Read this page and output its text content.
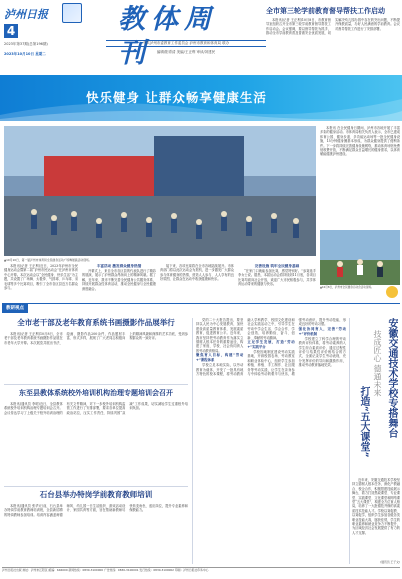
泸州日报
4
2023年第37期(总第196期)
2023年10月10日 星期二
教体周刊
中共泸州市委教育工作委员会 泸州市教育和体育局 联办
编辑/阳青清 美编/王正利 审读/刘建民
全市第三轮学前教育督导帮扶工作启动

本报讯(记者 王正利)10月8日，市教育督导室组织召开全市第三轮学前教育督导帮扶工作启动会。会议强调，要以督导帮扶为抓手，推动全市学前教育普及普惠安全优质发展，切实解决幼儿园办园中存在的突出问题，不断提升保教质量，办好人民满意的学前教育。会议对督导帮扶工作进行了安排部署。

快乐健身 让群众畅享健康生活
▲10月10日，第一届泸州市体育局全民健身活动广场舞展演活动现场。

本报讯(记者 王正利)近日，2023年泸州市全民健身运动会暨第二届“泸州市民运动会”在泸州市体育中心开幕。本次运动会以“全民健身、快乐生活”为主题，共设置了广场舞、太极拳、气排球、乒乓球、羽毛球等多个比赛项目，吸引了全市各区县近万名群众参与。

丰富活动 激发群众健身热情

开幕式上，来自全市各区县的代表队进行了精彩的展演，展示了泸州群众昂扬向上的精神风貌。据了解，近年来，我市不断完善全民健身公共服务体系，持续开展群众性体育活动，推动全民健身与全民健康深度融合。

接下来，各项比赛将在全市各地陆续展开。市体育部门将以此次运动会为契机，进一步激发广大群众参与体育健身的热情，营造人人参与、人人享有的良好氛围，让群众在运动中收获健康和快乐。

完善设施 筑牢全民健身基础

“在家门口就能参加比赛，感觉特别好。”参赛选手李女士说。据悉，本届运动会将持续到11月底，各项目比赛均面向社会开放，欢迎广大市民积极参与，共享体育运动带来的健康与快乐。

本报讯 在全民健身日期间，泸州市各地开展了丰富多彩的健身活动。市体育局相关负责人表示，全市已建成体育公园、健身步道、多功能运动场等一批全民健身设施，15分钟健身圈基本形成，为群众健身提供了便利条件。下一步将持续完善健身设施网络，推动体育场馆免费低收费开放，不断满足群众日益增长的健身需求，以体育赋能健康泸州建设。

▲10月8日，泸州市全民健身运动会活动现场。
教研视点
全市老干部及老年教育系统书画摄影作品展举行

本报讯(记者 王正利)10月8日，全市老干部及老年教育系统书画摄影作品展在市老年大学开幕。本次展览共展出书法、绘画、摄影作品200余件，作品题材丰富、形式多样，展现了广大老同志积极向上的精神风貌和深厚的艺术功底，受到参观群众的一致好评。

东至县教体系统校外培训机构治理专题培训会召开

本报讯(通讯员 李明)近日，全县教体系统校外培训机构治理专题培训会召开。会议传达学习了上级关于校外培训治理的有关文件精神，对下一步校外培训机构监管工作进行了安排部署，要求各单位提高政治站位，压实工作责任，持续巩固“双减”工作成果，切实减轻学生过重校外培训负担。

石台县举办特岗学前教育教师培训

本报讯(通讯员 张华)日前，石台县举办特岗学前教育教师培训班，全县新招聘的特岗教师参加培训。培训内容涵盖师德师风、幼儿园一日生活组织、游戏活动设计、家园共育等方面，旨在帮助新教师尽快转变角色、适应岗位，提升专业素养和保教能力。

党的二十大报告提出，要坚持以人民为中心发展教育，加快建设高质量教育体系，发展素质教育，促进教育公平。近年来，我市坚持把劳动教育作为落实立德树人根本任务的重要途径，构建了家庭、学校、社会协同育人的劳动教育格局。

聚焦育人目标，构建“劳动+”课程体系

学校立足本地实际，以劳动教育为载体，开发了一批具有地方特色的校本课程，将劳动教育融入学科教学、校园文化建设和社会实践活动之中，引导学生在劳动中学会生活、学会合作、学会创造，培养勤俭、奋斗、创新、奉献的劳动精神。

立足学生发展，打造“劳动+”实践平台

学校因地制宜建设劳动实践基地，开辟校园农场、劳动教室和职业体验中心，组织学生参加种植、养殖、手工制作、社区服务等劳动实践，让学生在亲身参与中体验劳动的艰辛与快乐，增强劳动意识，提升劳动技能，形成良好的劳动习惯。

强化协同育人，完善“劳动+”评价机制

学校建立了科学合理的劳动教育评价体系，将劳动素养纳入学生综合素质评价，通过过程性评价与结果性评价相结合的方式，全面记录学生劳动表现，充分发挥评价的导向和激励作用，推动劳动教育落地见效。	安徽交通技术学校专搭舞台
技成匠心 德通未来
打造“五大课堂”

近年来，安徽交通技术学校坚持立德树人根本任务，深化产教融合、校企合作，积极搭建技能展示舞台，着力打造思政课堂、专业课堂、实践课堂、文化课堂和网络课堂“五大课堂”，构建全方位育人格局，培养了一大批德技并修的高素质技术技能人才。学校以赛促教、以赛促学，组织学生参加各级各类职业技能大赛，屡获佳绩，学生的职业素养和就业竞争力不断提升，为区域经济社会发展提供了有力的人才支撑。

(通讯员 王子文)
泸州日报社出版 地址：泸州市江阳区 邮编：646000 新闻热线：0830-3100000 广告热线：0830-3100001 发行热线：0830-3100002 印刷：泸州日报社印务中心
